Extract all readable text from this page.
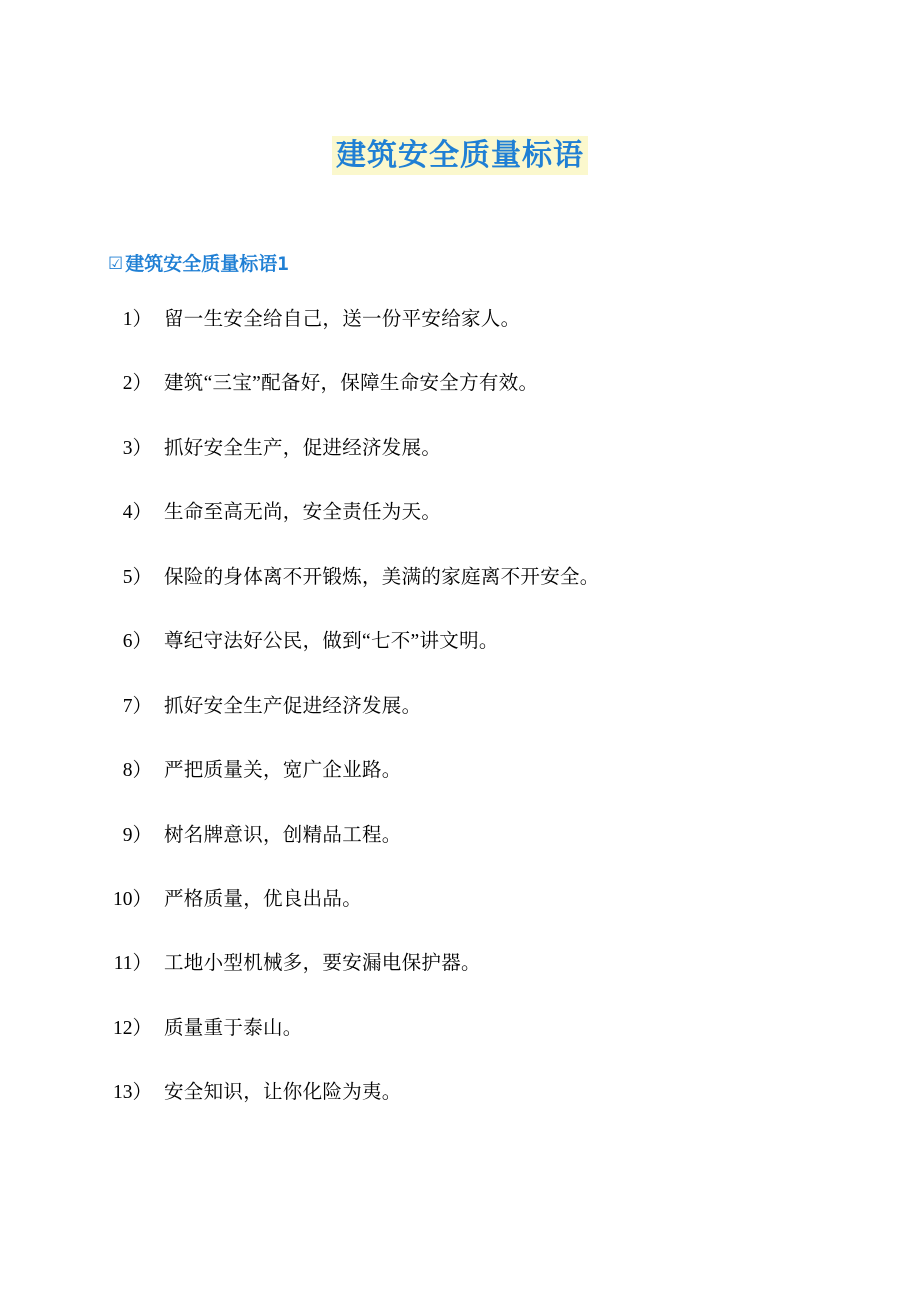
建筑安全质量标语
☑ 建筑安全质量标语1
1） 留一生安全给自己，送一份平安给家人。
2） 建筑“三宝”配备好，保障生命安全方有效。
3） 抓好安全生产，促进经济发展。
4） 生命至高无尚，安全责任为天。
5） 保险的身体离不开锻炼，美满的家庭离不开安全。
6） 尊纪守法好公民，做到“七不”讲文明。
7） 抓好安全生产促进经济发展。
8） 严把质量关，宽广企业路。
9） 树名牌意识，创精品工程。
10） 严格质量，优良出品。
11） 工地小型机械多，要安漏电保护器。
12） 质量重于泰山。
13） 安全知识，让你化险为夷。
